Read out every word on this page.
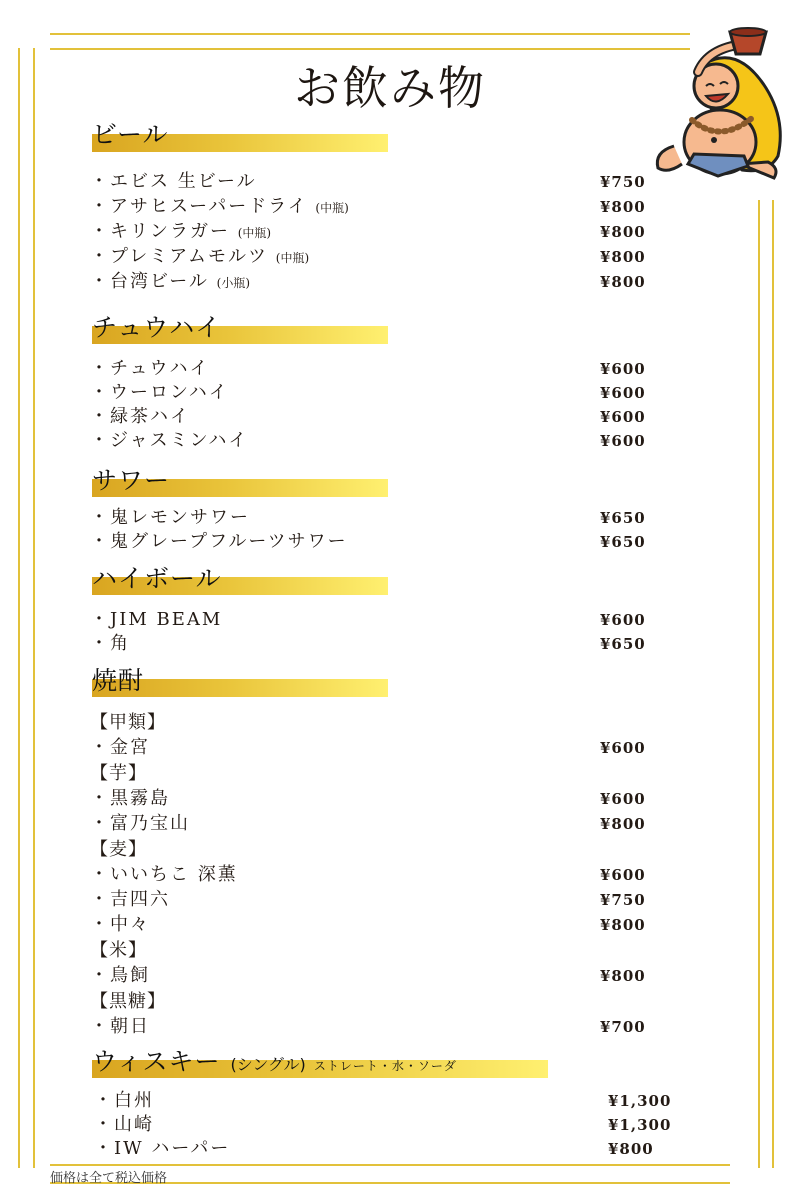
お飲み物
ビール
・エビス 生ビール	¥750
・アサヒスーパードライ (中瓶)	¥800
・キリンラガー (中瓶)	¥800
・プレミアムモルツ (中瓶)	¥800
・台湾ビール (小瓶)	¥800
チュウハイ
・チュウハイ	¥600
・ウーロンハイ	¥600
・緑茶ハイ	¥600
・ジャスミンハイ	¥600
サワー
・鬼レモンサワー	¥650
・鬼グレープフルーツサワー	¥650
ハイボール
・JIM BEAM	¥600
・角	¥650
焼酎
【甲類】
・金宮	¥600
【芋】
・黒霧島	¥600
・富乃宝山	¥800
【麦】
・いいちこ 深薫	¥600
・吉四六	¥750
・中々	¥800
【米】
・鳥飼	¥800
【黒糖】
・朝日	¥700
ウィスキー (シングル) ストレート・水・ソーダ
・白州	¥1,300
・山崎	¥1,300
・IW ハーパー	¥800
価格は全て税込価格
